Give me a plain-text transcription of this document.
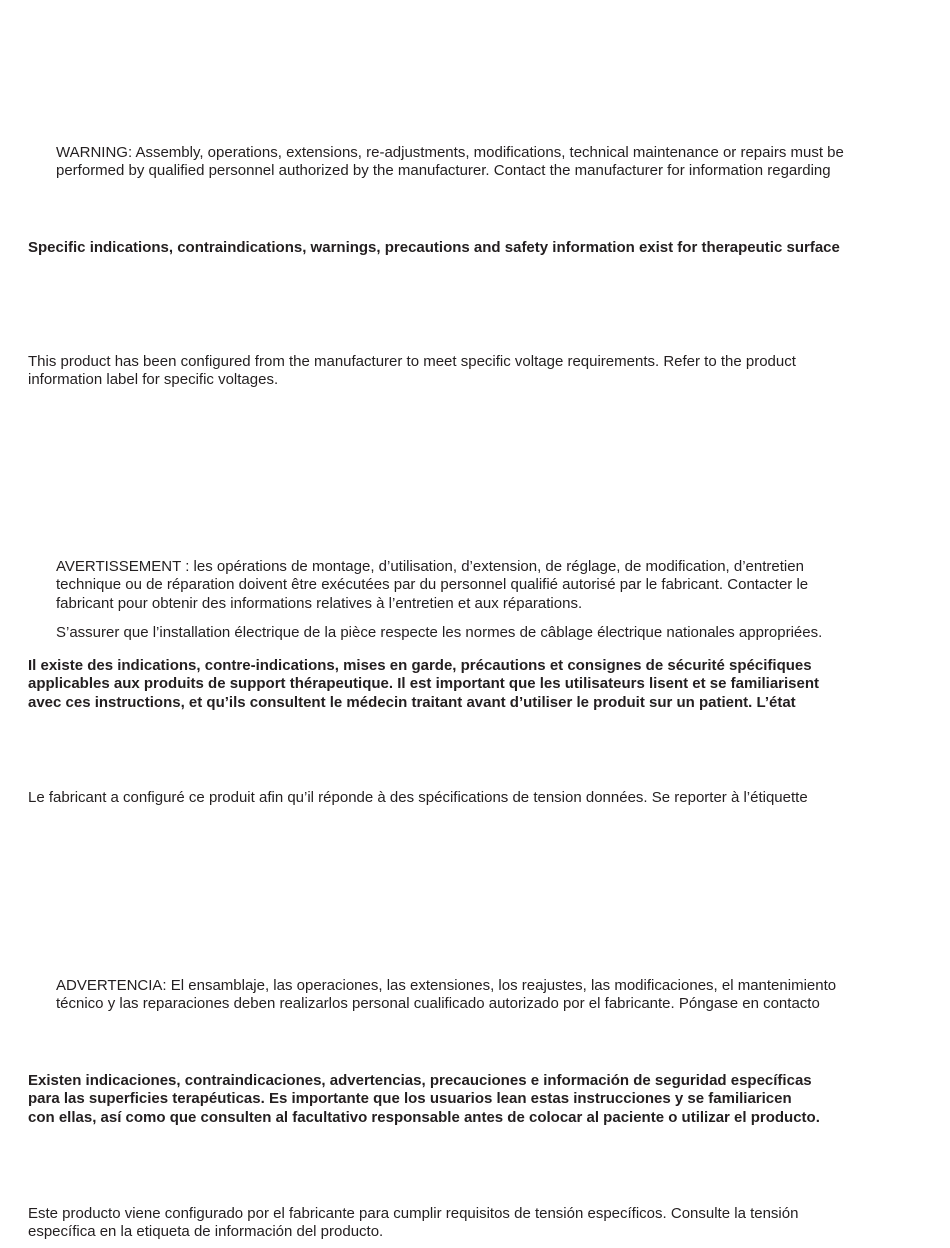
WARNING: Assembly, operations, extensions, re-adjustments, modifications, technical maintenance or repairs must be
performed by qualified personnel authorized by the manufacturer. Contact the manufacturer for information regarding

Specific indications, contraindications, warnings, precautions and safety information exist for therapeutic surface

This product has been configured from the manufacturer to meet specific voltage requirements. Refer to the product
information label for specific voltages.

AVERTISSEMENT : les opérations de montage, d’utilisation, d’extension, de réglage, de modification, d’entretien
technique ou de réparation doivent être exécutées par du personnel qualifié autorisé par le fabricant. Contacter le
fabricant pour obtenir des informations relatives à l’entretien et aux réparations.

S’assurer que l’installation électrique de la pièce respecte les normes de câblage électrique nationales appropriées.

Il existe des indications, contre-indications, mises en garde, précautions et consignes de sécurité spécifiques
applicables aux produits de support thérapeutique. Il est important que les utilisateurs lisent et se familiarisent
avec ces instructions, et qu’ils consultent le médecin traitant avant d’utiliser le produit sur un patient. L’état

Le fabricant a configuré ce produit afin qu’il réponde à des spécifications de tension données. Se reporter à l’étiquette

ADVERTENCIA: El ensamblaje, las operaciones, las extensiones, los reajustes, las modificaciones, el mantenimiento
técnico y las reparaciones deben realizarlos personal cualificado autorizado por el fabricante. Póngase en contacto

Existen indicaciones, contraindicaciones, advertencias, precauciones e información de seguridad específicas
para las superficies terapéuticas. Es importante que los usuarios lean estas instrucciones y se familiaricen
con ellas, así como que consulten al facultativo responsable antes de colocar al paciente o utilizar el producto.

Este producto viene configurado por el fabricante para cumplir requisitos de tensión específicos. Consulte la tensión
específica en la etiqueta de información del producto.
